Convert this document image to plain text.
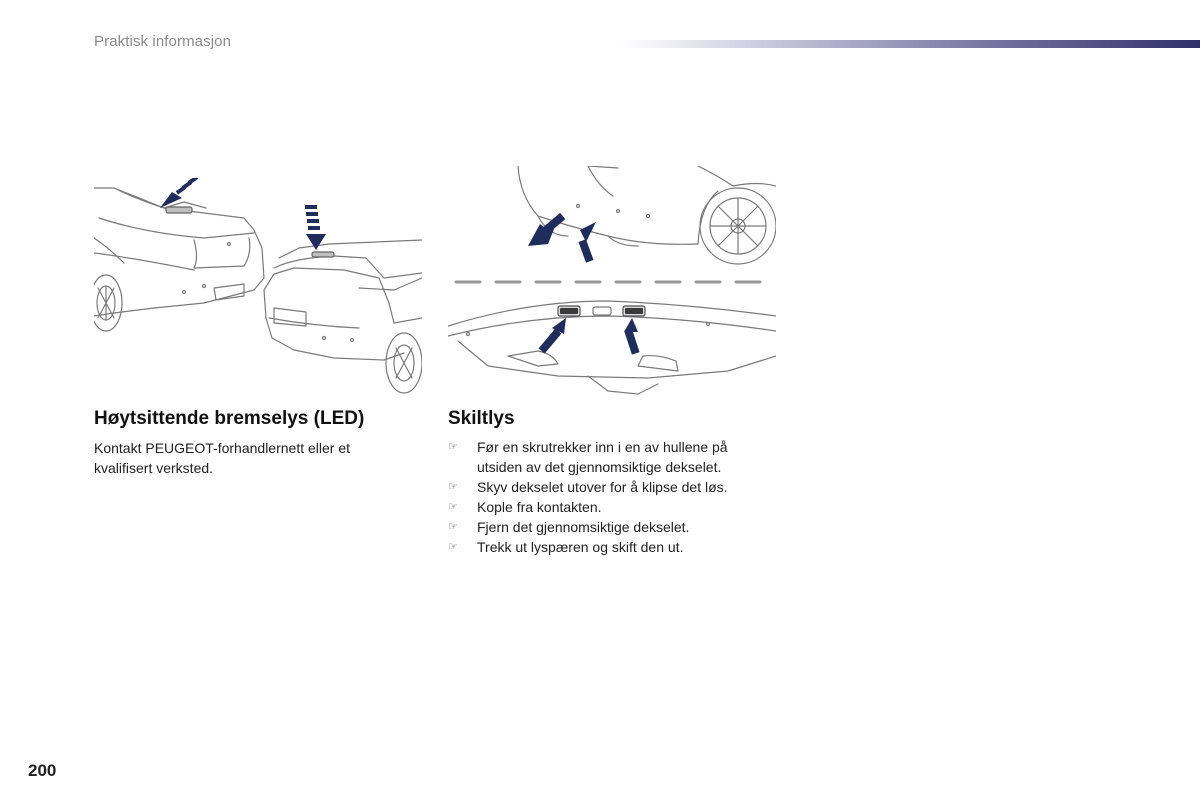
Praktisk informasjon
Høytsittende bremselys (LED)
Kontakt PEUGEOT-forhandlernett eller et kvalifisert verksted.
Skiltlys
☞ Før en skrutrekker inn i en av hullene på utsiden av det gjennomsiktige dekselet.
☞ Skyv dekselet utover for å klipse det løs.
☞ Kople fra kontakten.
☞ Fjern det gjennomsiktige dekselet.
☞ Trekk ut lyspæren og skift den ut.
200
